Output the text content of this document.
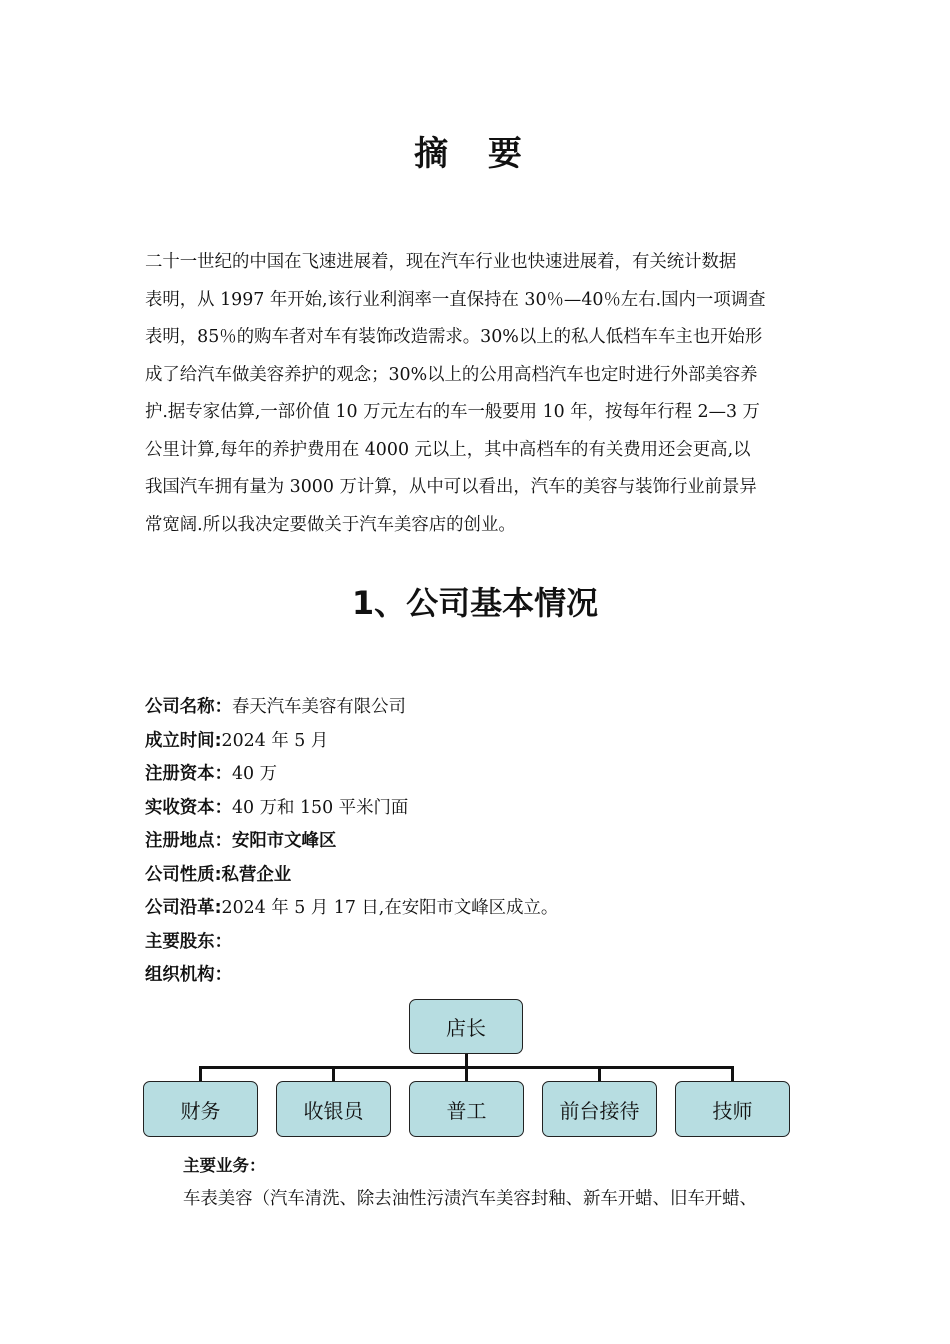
摘 要

二十一世纪的中国在飞速进展着，现在汽车行业也快速进展着，有关统计数据
表明，从 1997 年开始,该行业利润率一直保持在 30％—40％左右.国内一项调查
表明，85％的购车者对车有装饰改造需求。30%以上的私人低档车车主也开始形
成了给汽车做美容养护的观念；30%以上的公用高档汽车也定时进行外部美容养
护.据专家估算,一部价值 10 万元左右的车一般要用 10 年，按每年行程 2—3 万
公里计算,每年的养护费用在 4000 元以上，其中高档车的有关费用还会更高,以
我国汽车拥有量为 3000 万计算，从中可以看出，汽车的美容与装饰行业前景异
常宽阔.所以我决定要做关于汽车美容店的创业。

1、公司基本情况
公司名称：春天汽车美容有限公司
成立时间:2024 年 5 月
注册资本：40 万
实收资本：40 万和 150 平米门面
注册地点：安阳市文峰区
公司性质:私营企业
公司沿革:2024 年 5 月 17 日,在安阳市文峰区成立。
主要股东：
组织机构：
店长
财务	收银员	普工	前台接待	技师
主要业务：

车表美容（汽车清洗、除去油性污渍汽车美容封釉、新车开蜡、旧车开蜡、
